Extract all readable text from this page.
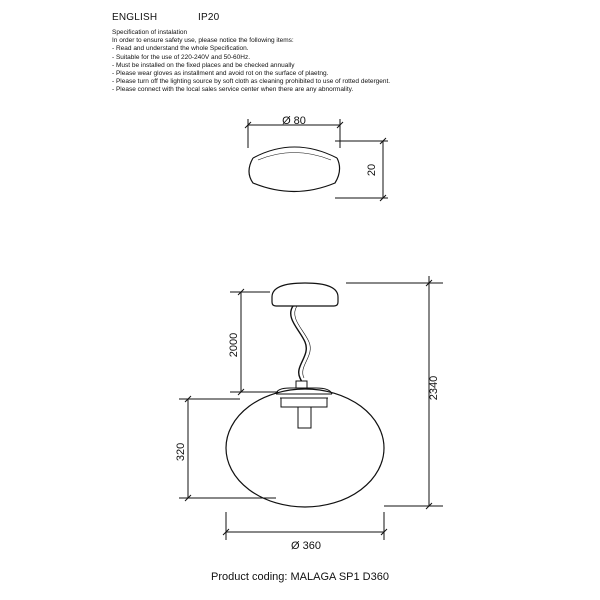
ENGLISH	IP20
Specification of instalation
In order to ensure safety use, please notice the following items:
- Read and understand the whole Specification.
- Suitable for the use of 220-240V and 50-60Hz.
- Must be installed on the fixed places and be checked annually
- Please wear gloves as installment and avoid rot on the surface of plaetng.
- Please turn off the lighting source by soft cloth as cleaning prohibited to use of rotted detergent.
- Please connect with the local sales service center when there are any abnormality.
Ø 80
20
2000
320
2340
Ø 360
Product coding: MALAGA SP1 D360
